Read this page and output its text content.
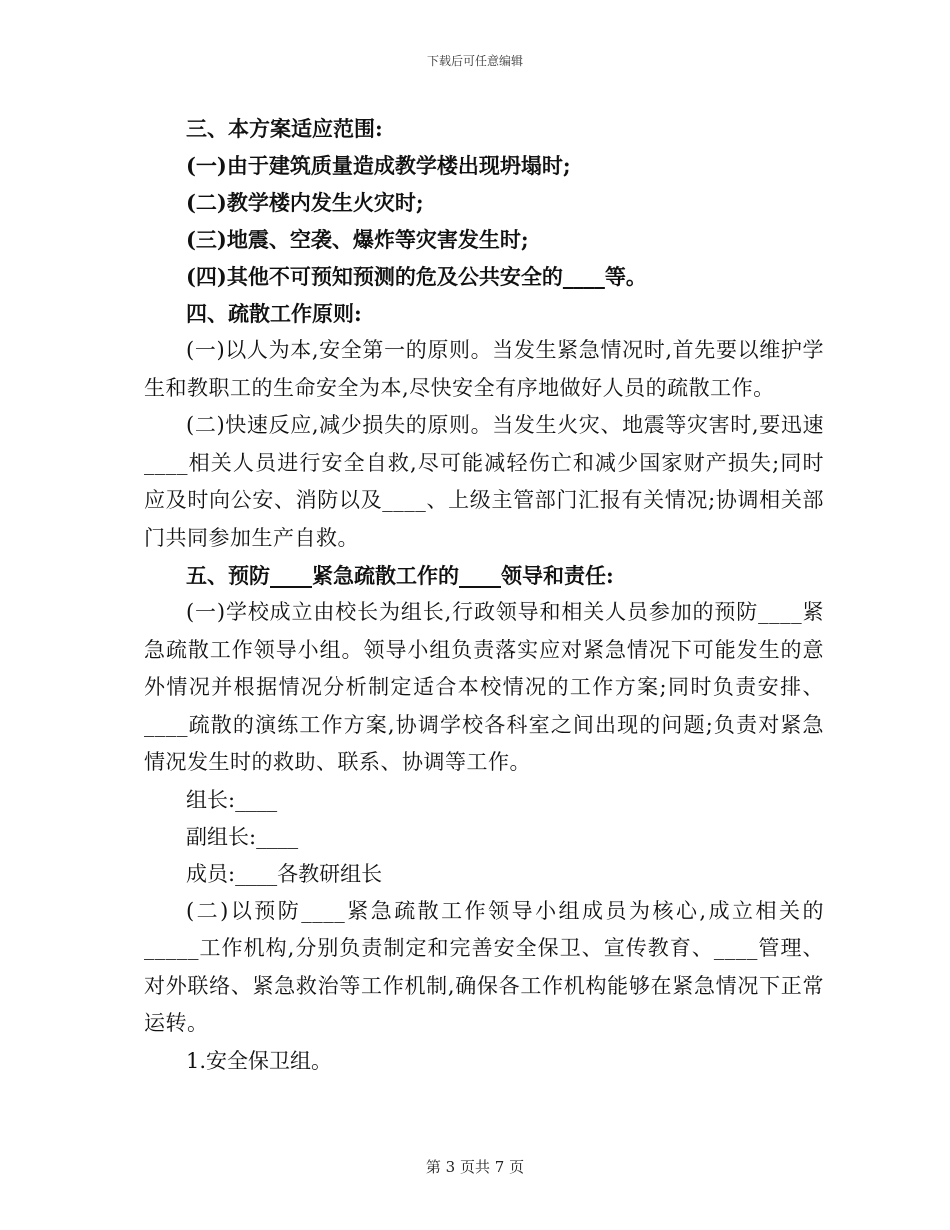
下载后可任意编辑
三、本方案适应范围:
(一)由于建筑质量造成教学楼出现坍塌时;
(二)教学楼内发生火灾时;
(三)地震、空袭、爆炸等灾害发生时;
(四)其他不可预知预测的危及公共安全的____等。
四、疏散工作原则:
(一)以人为本,安全第一的原则。当发生紧急情况时,首先要以维护学生和教职工的生命安全为本,尽快安全有序地做好人员的疏散工作。
(二)快速反应,减少损失的原则。当发生火灾、地震等灾害时,要迅速____相关人员进行安全自救,尽可能减轻伤亡和减少国家财产损失;同时应及时向公安、消防以及____、上级主管部门汇报有关情况;协调相关部门共同参加生产自救。
五、预防____紧急疏散工作的____领导和责任:
(一)学校成立由校长为组长,行政领导和相关人员参加的预防____紧急疏散工作领导小组。领导小组负责落实应对紧急情况下可能发生的意外情况并根据情况分析制定适合本校情况的工作方案;同时负责安排、____疏散的演练工作方案,协调学校各科室之间出现的问题;负责对紧急情况发生时的救助、联系、协调等工作。
组长:____
副组长:____
成员:____各教研组长
(二)以预防____紧急疏散工作领导小组成员为核心,成立相关的_____工作机构,分别负责制定和完善安全保卫、宣传教育、____管理、对外联络、紧急救治等工作机制,确保各工作机构能够在紧急情况下正常运转。
1.安全保卫组。
第 3 页共 7 页
